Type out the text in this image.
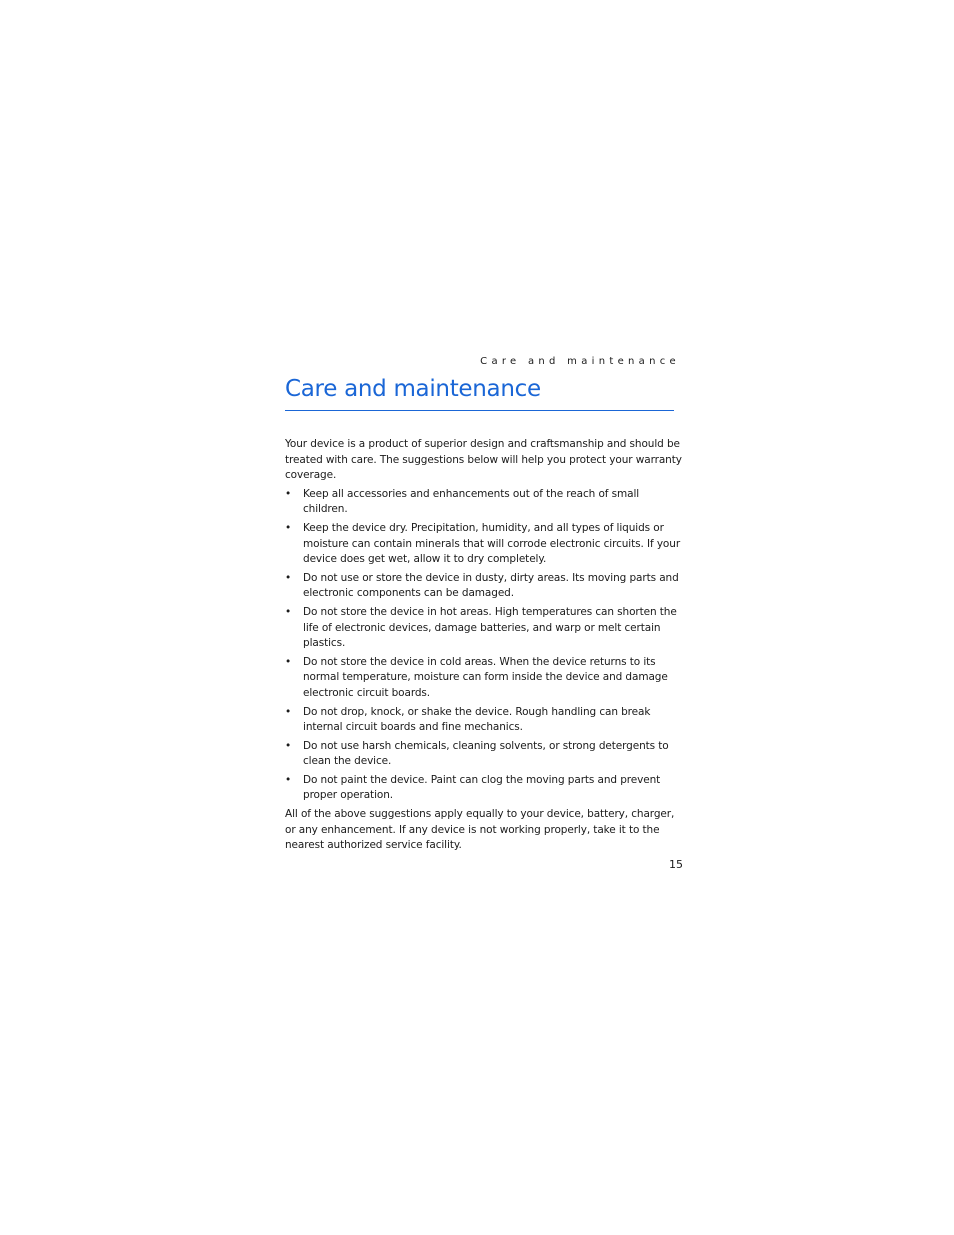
Care and maintenance
Care and maintenance

Your device is a product of superior design and craftsmanship and should be treated with care. The suggestions below will help you protect your warranty coverage.

• Keep all accessories and enhancements out of the reach of small children.
• Keep the device dry. Precipitation, humidity, and all types of liquids or moisture can contain minerals that will corrode electronic circuits. If your device does get wet, allow it to dry completely.
• Do not use or store the device in dusty, dirty areas. Its moving parts and electronic components can be damaged.
• Do not store the device in hot areas. High temperatures can shorten the life of electronic devices, damage batteries, and warp or melt certain plastics.
• Do not store the device in cold areas. When the device returns to its normal temperature, moisture can form inside the device and damage electronic circuit boards.
• Do not drop, knock, or shake the device. Rough handling can break internal circuit boards and fine mechanics.
• Do not use harsh chemicals, cleaning solvents, or strong detergents to clean the device.
• Do not paint the device. Paint can clog the moving parts and prevent proper operation.

All of the above suggestions apply equally to your device, battery, charger, or any enhancement. If any device is not working properly, take it to the nearest authorized service facility.

15
